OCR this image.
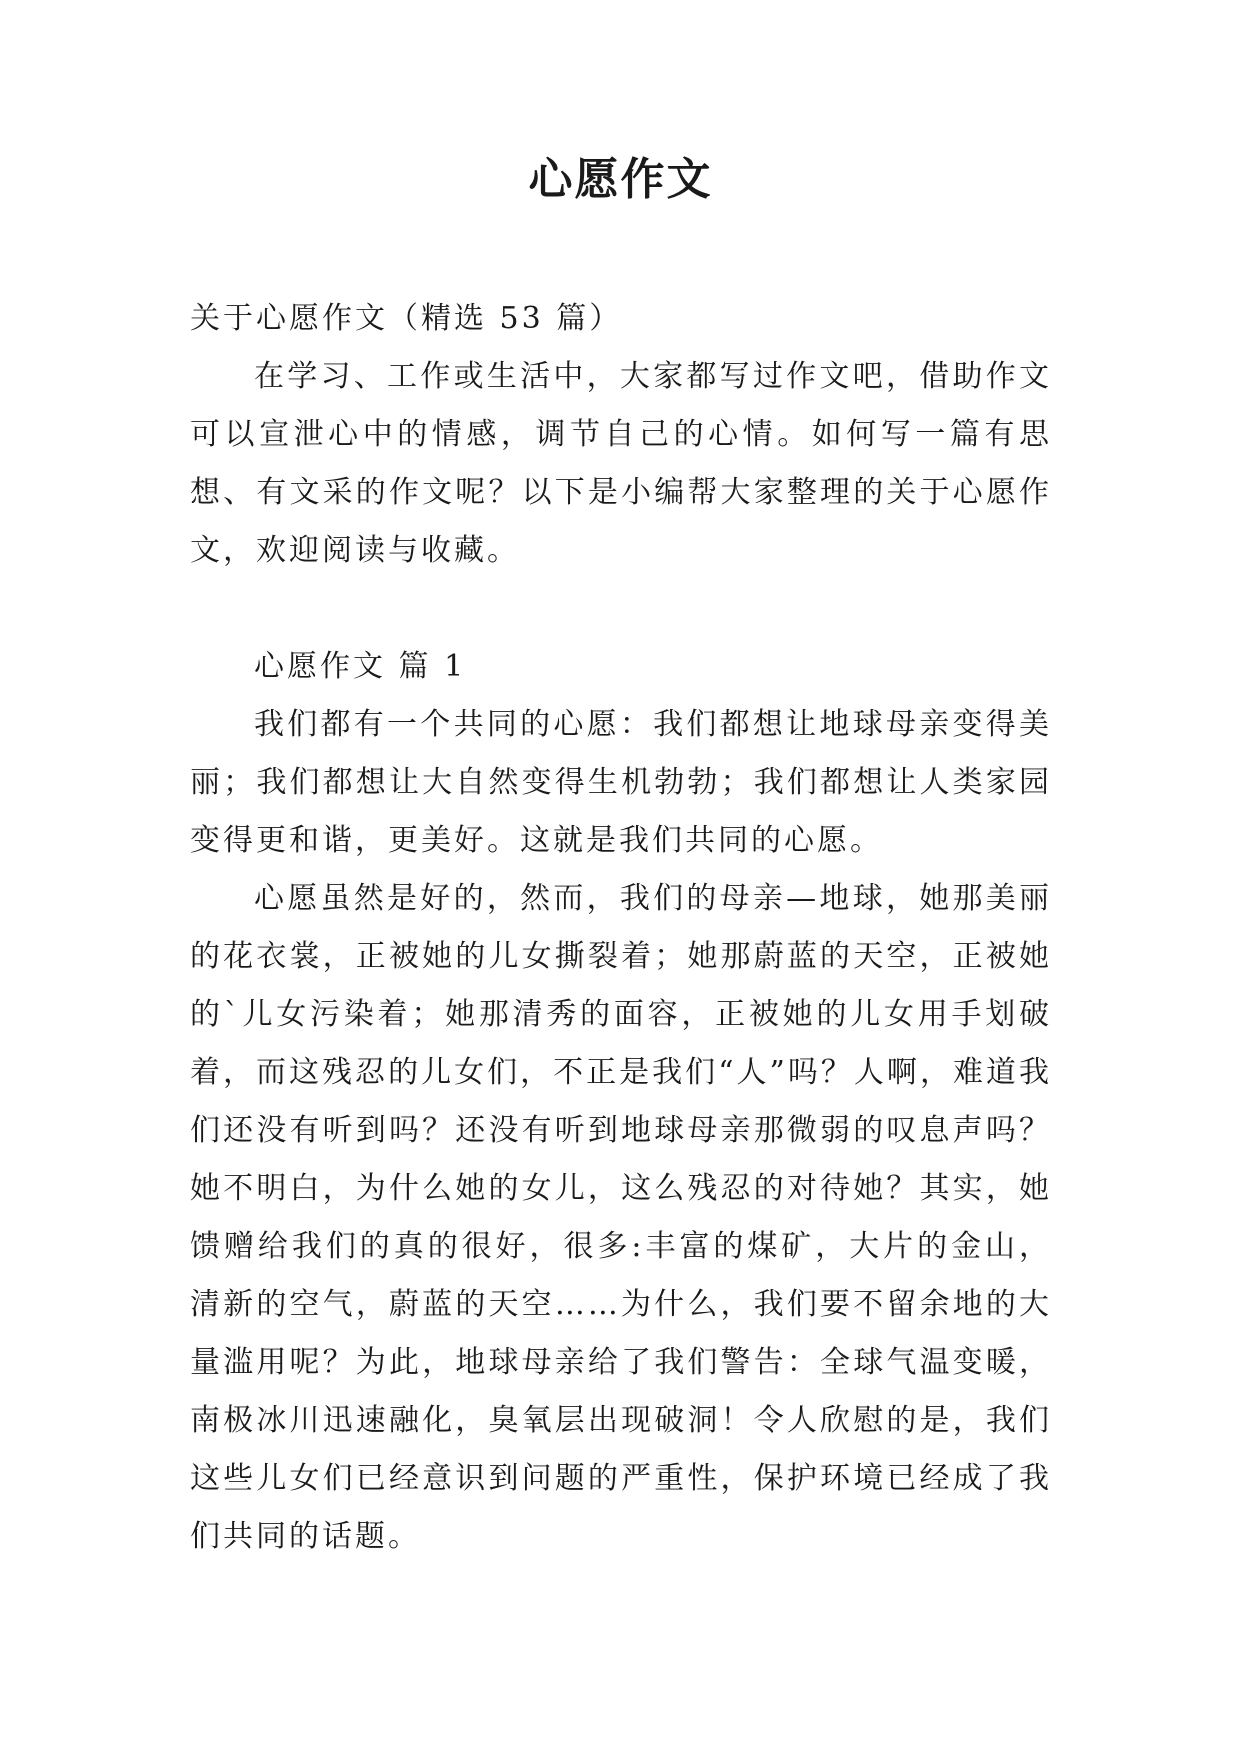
心愿作文

关于心愿作文（精选 53 篇）

在学习、工作或生活中，大家都写过作文吧，借助作文可以宣泄心中的情感，调节自己的心情。如何写一篇有思想、有文采的作文呢？以下是小编帮大家整理的关于心愿作文，欢迎阅读与收藏。

心愿作文 篇 1

我们都有一个共同的心愿：我们都想让地球母亲变得美丽；我们都想让大自然变得生机勃勃；我们都想让人类家园变得更和谐，更美好。这就是我们共同的心愿。

心愿虽然是好的，然而，我们的母亲—地球，她那美丽的花衣裳，正被她的儿女撕裂着；她那蔚蓝的天空，正被她的`儿女污染着；她那清秀的面容，正被她的儿女用手划破着，而这残忍的儿女们，不正是我们“人”吗？人啊，难道我们还没有听到吗？还没有听到地球母亲那微弱的叹息声吗？她不明白，为什么她的女儿，这么残忍的对待她？其实，她馈赠给我们的真的很好，很多:丰富的煤矿，大片的金山，清新的空气，蔚蓝的天空……为什么，我们要不留余地的大量滥用呢？为此，地球母亲给了我们警告：全球气温变暖，南极冰川迅速融化，臭氧层出现破洞！令人欣慰的是，我们这些儿女们已经意识到问题的严重性，保护环境已经成了我们共同的话题。
